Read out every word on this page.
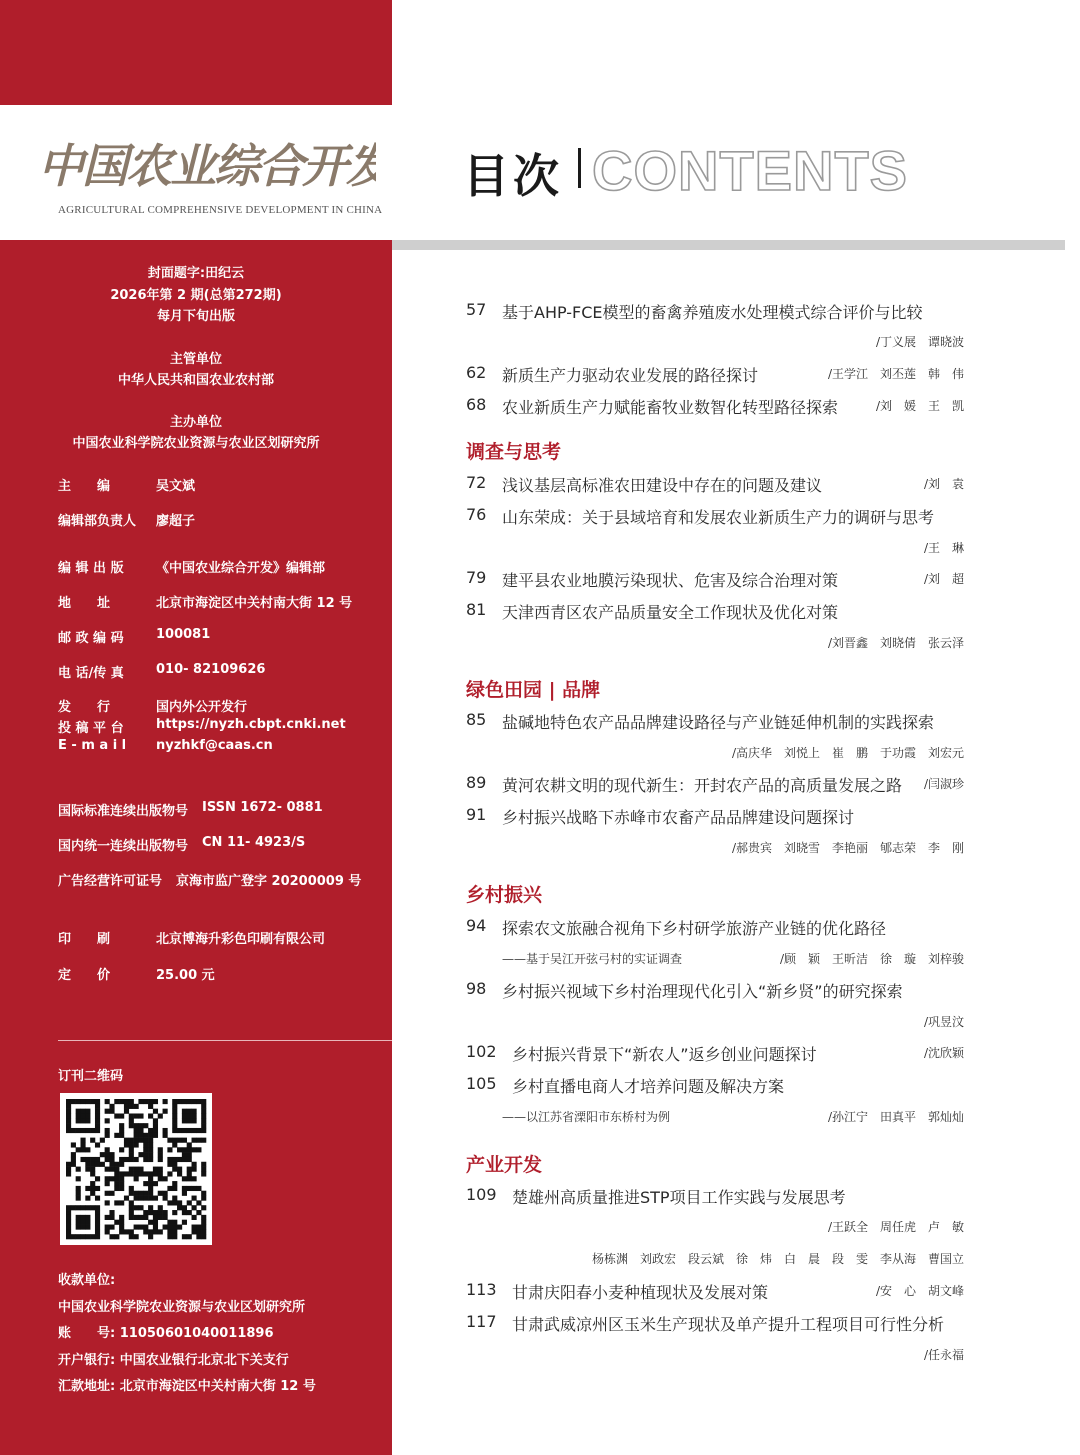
中国农业综合开发
AGRICULTURAL COMPREHENSIVE DEVELOPMENT IN CHINA
封面题字:田纪云
2026年第 2 期(总第272期)
每月下旬出版
主管单位
中华人民共和国农业农村部
主办单位
中国农业科学院农业资源与农业区划研究所
主　　编	吴文斌
编辑部负责人 廖超子
编 辑 出 版 《中国农业综合开发》编辑部
地　　址	北京市海淀区中关村南大街 12 号
邮 政 编 码 100081
电 话/传 真 010- 82109626
发　　行	国内外公开发行
投 稿 平 台 https://nyzh.cbpt.cnki.net
E - m a i l nyzhkf@caas.cn
国际标准连续出版物号 ISSN 1672- 0881
国内统一连续出版物号 CN 11- 4923/S
广告经营许可证号 京海市监广登字 20200009 号
印　　刷	北京博海升彩色印刷有限公司
定　　价	25.00 元
订刊二维码
收款单位:
中国农业科学院农业资源与农业区划研究所
账　　号: 11050601040011896
开户银行: 中国农业银行北京北下关支行
汇款地址: 北京市海淀区中关村南大街 12 号
目次 CONTENTS
57 基于AHP-FCE模型的畜禽养殖废水处理模式综合评价与比较
/丁义展　谭晓波
62 新质生产力驱动农业发展的路径探讨	/王学江　刘丕莲　韩　伟
68 农业新质生产力赋能畜牧业数智化转型路径探索	/刘　媛　王　凯
调查与思考
72 浅议基层高标准农田建设中存在的问题及建议	/刘　袁
76 山东荣成：关于县域培育和发展农业新质生产力的调研与思考
/王　琳
79 建平县农业地膜污染现状、危害及综合治理对策	/刘　超
81 天津西青区农产品质量安全工作现状及优化对策
/刘晋鑫　刘晓倩　张云泽
绿色田园 | 品牌
85 盐碱地特色农产品品牌建设路径与产业链延伸机制的实践探索
/高庆华　刘悦上　崔　鹏　于功霞　刘宏元
89 黄河农耕文明的现代新生：开封农产品的高质量发展之路 /闫淑珍
91 乡村振兴战略下赤峰市农畜产品品牌建设问题探讨
/郝贵宾　刘晓雪　李艳丽　郇志荣　李　刚
乡村振兴
94 探索农文旅融合视角下乡村研学旅游产业链的优化路径
——基于吴江开弦弓村的实证调查	/顾　颖　王昕洁　徐　璇　刘梓骏
98 乡村振兴视域下乡村治理现代化引入“新乡贤”的研究探索
/巩昱汶
102 乡村振兴背景下“新农人”返乡创业问题探讨	/沈欣颖
105 乡村直播电商人才培养问题及解决方案
——以江苏省溧阳市东桥村为例	/孙江宁　田真平　郭灿灿
产业开发
109 楚雄州高质量推进STP项目工作实践与发展思考
/王跃全　周任虎　卢　敏
杨栋渊　刘政宏　段云斌　徐　炜　白　晨　段　雯　李从海　曹国立
113 甘肃庆阳春小麦种植现状及发展对策	/安　心　胡文峰
117 甘肃武威凉州区玉米生产现状及单产提升工程项目可行性分析
/任永福
